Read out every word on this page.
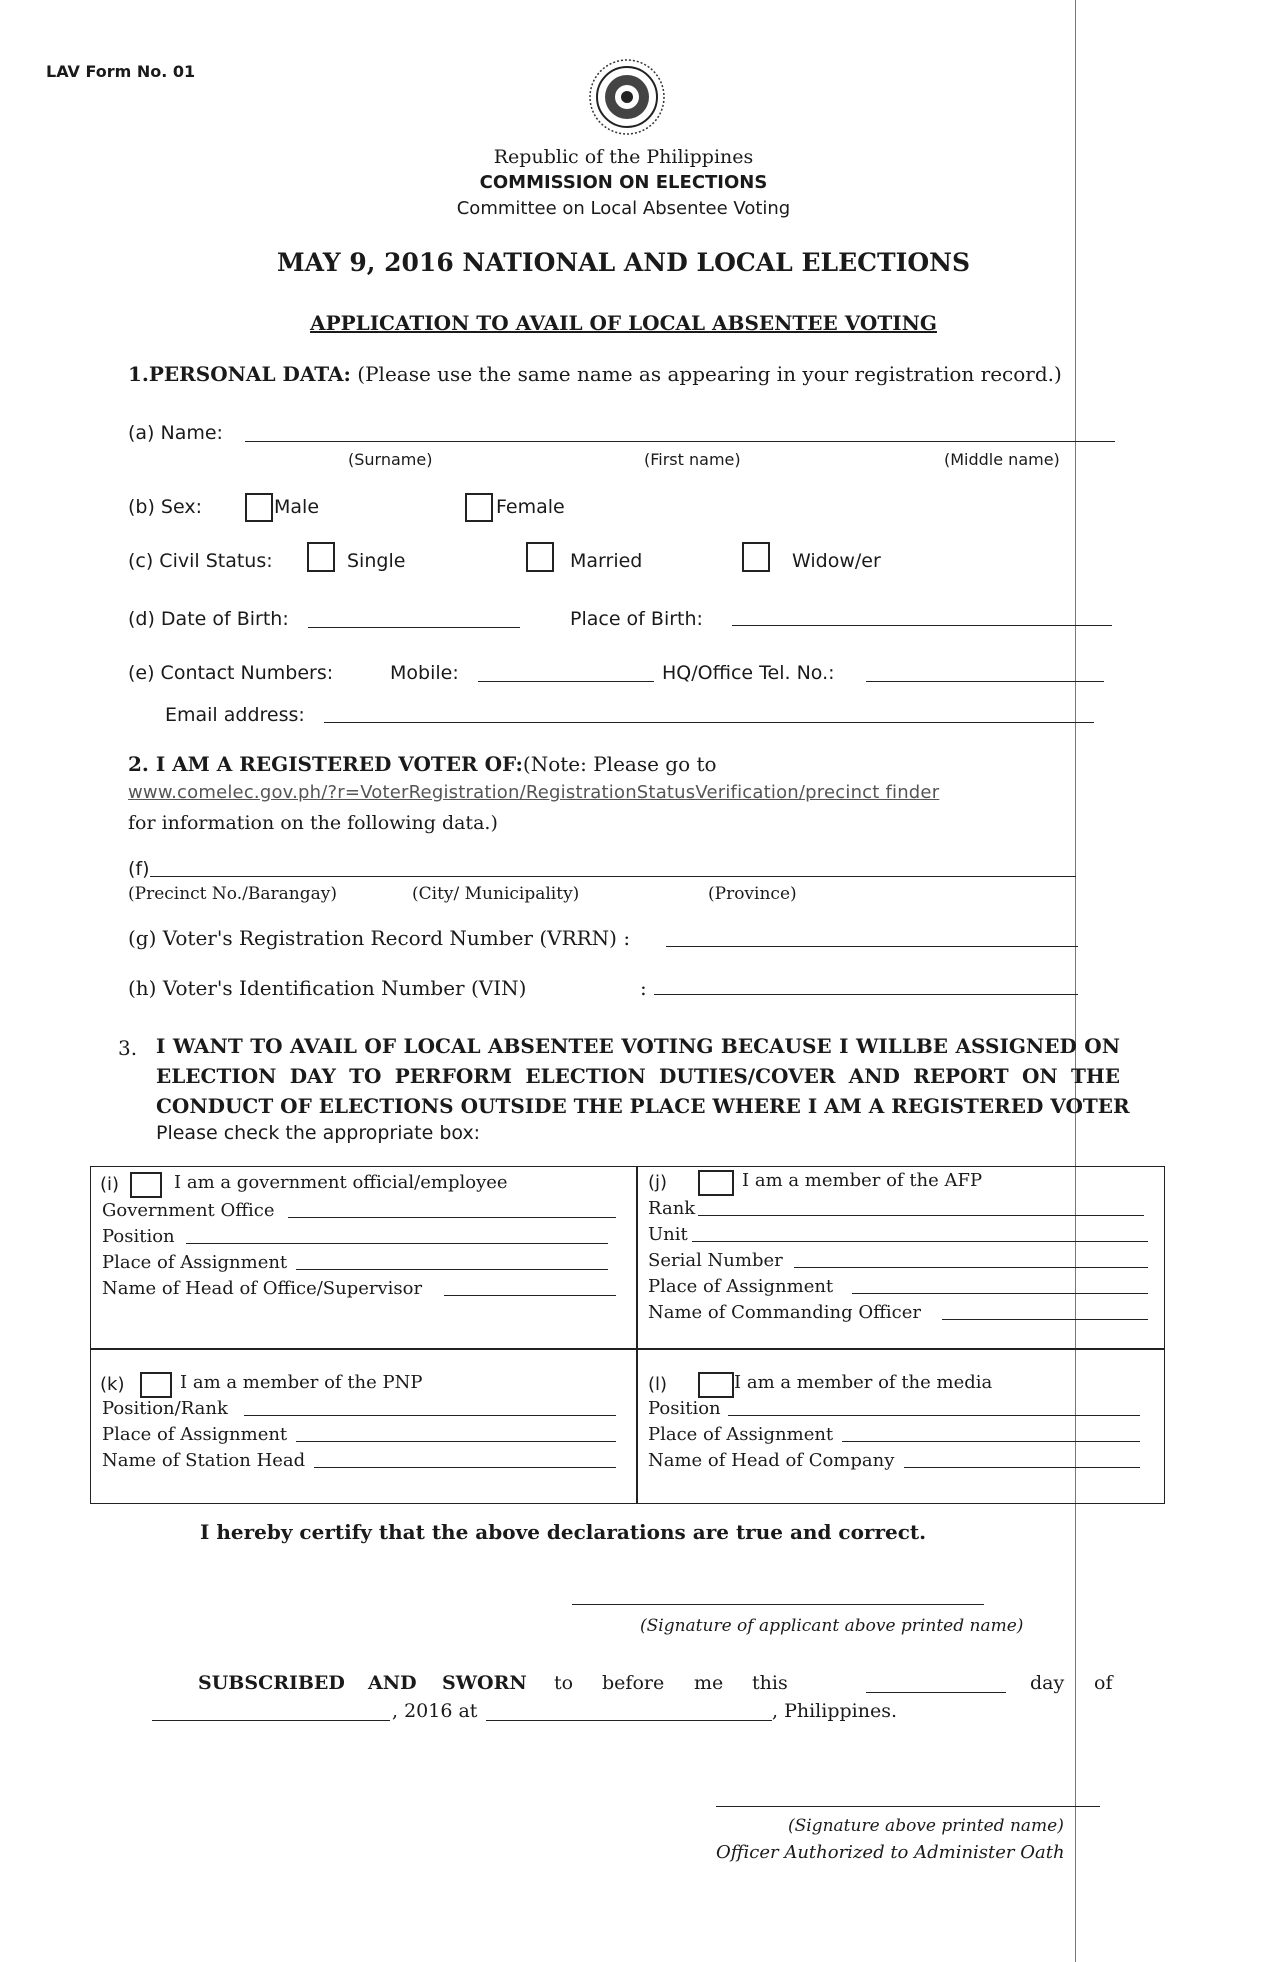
LAV Form No. 01
Republic of the Philippines
COMMISSION ON ELECTIONS
Committee on Local Absentee Voting
MAY 9, 2016 NATIONAL AND LOCAL ELECTIONS
APPLICATION TO AVAIL OF LOCAL ABSENTEE VOTING
1.PERSONAL DATA: (Please use the same name as appearing in your registration record.)
(a) Name:
(Surname)	(First name)	(Middle name)
(b) Sex:	Male	Female
(c) Civil Status:	Single	Married	Widow/er
(d) Date of Birth:	Place of Birth:
(e) Contact Numbers:	Mobile:	HQ/Office Tel. No.:
Email address:
2. I AM A REGISTERED VOTER OF:(Note: Please go to
www.comelec.gov.ph/?r=VoterRegistration/RegistrationStatusVerification/precinct finder
for information on the following data.)
(f)
(Precinct No./Barangay)	(City/ Municipality)	(Province)
(g) Voter's Registration Record Number (VRRN) :
(h) Voter's Identification Number (VIN)	:
3. I WANT TO AVAIL OF LOCAL ABSENTEE VOTING BECAUSE I WILLBE ASSIGNED ON
ELECTION DAY TO PERFORM ELECTION DUTIES/COVER AND REPORT ON THE
CONDUCT OF ELECTIONS OUTSIDE THE PLACE WHERE I AM A REGISTERED VOTER
Please check the appropriate box:
(i)	I am a government official/employee
Government Office
Position
Place of Assignment
Name of Head of Office/Supervisor
(j)	I am a member of the AFP
Rank
Unit
Serial Number
Place of Assignment
Name of Commanding Officer
(k)	I am a member of the PNP
Position/Rank
Place of Assignment
Name of Station Head
(l)	I am a member of the media
Position
Place of Assignment
Name of Head of Company
I hereby certify that the above declarations are true and correct.
(Signature of applicant above printed name)
SUBSCRIBED AND SWORN to before me this	day of
, 2016 at	, Philippines.
(Signature above printed name)
Officer Authorized to Administer Oath
